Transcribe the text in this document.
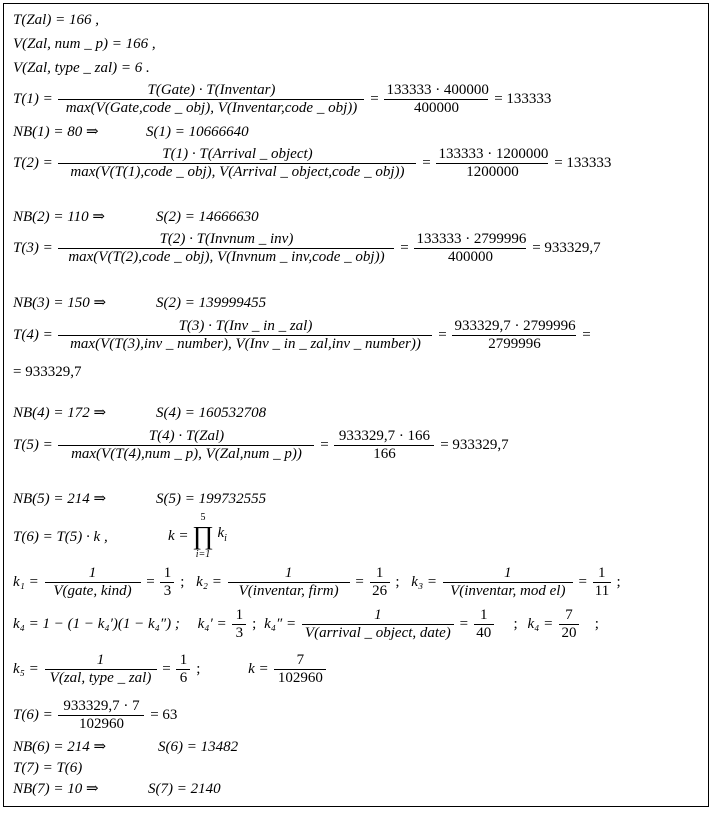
T(Zal) = 166 ,
V(Zal, num _ p) = 166 ,
V(Zal, type _ zal) = 6 .
$T(1) = \frac{\text{T(Gate) · T(Inventar)}}{\text{max(V(Gate,code \_ obj), V(Inventar,code \_ obj))}} = \frac{133333 \cdot 400000}{400000} = 133333$
NB(1) = 80 ⇒	S(1) = 10666640
$T(2) = \frac{\text{T(1) · T(Arrival \_ object)}}{\text{max(V(T(1),code \_ obj), V(Arrival \_ object,code \_ obj))}} = \frac{133333 \cdot 1200000}{1200000} = 133333$
NB(2) = 110 ⇒	S(2) = 14666630
$T(3) = \frac{\text{T(2) · T(Invnum \_ inv)}}{\text{max(V(T(2),code \_ obj), V(Invnum \_ inv,code \_ obj))}} = \frac{133333 \cdot 2799996}{400000} = 933329,7$
NB(3) = 150 ⇒	S(2) = 139999455
$T(4) = \frac{\text{T(3) · T(Inv \_ in \_ zal)}}{\text{max(V(T(3),inv \_ number), V(Inv \_ in \_ zal,inv \_ number))}} = \frac{933329,7 \cdot 2799996}{2799996}$ =
= 933329,7
NB(4) = 172 ⇒	S(4) = 160532708
$T(5) = \frac{\text{T(4) · T(Zal)}}{\text{max(V(T(4),num \_ p), V(Zal,num \_ p))}} = \frac{933329,7 \cdot 166}{166} = 933329,7$
NB(5) = 214 ⇒	S(5) = 199732555
T(6) = T(5) · k ,	k =
5
∏
i=1
$k_i$
$k_1 = \frac{1}{\text{V(gate, kind)}} = \frac{1}{3}$ ; $k_2 = \frac{1}{\text{V(inventar, firm)}} = \frac{1}{26}$ ; $k_3 = \frac{1}{\text{V(inventar, mod el)}} = \frac{1}{11}$ ;
k₄ = 1 − (1 − k₄′)(1 − k₄″) ; $k_4' = \frac{1}{3}$ ; $k_4'' = \frac{1}{\text{V(arrival \_ object, date)}} = \frac{1}{40}$ ; $k_4 = \frac{7}{20}$ ;
$k_5 = \frac{1}{\text{V(zal, type \_ zal)}} = \frac{1}{6}$ ;	$k = \frac{7}{102960}$
$T(6) = \frac{933329,7 \cdot 7}{102960} = 63$
NB(6) = 214 ⇒	S(6) = 13482
T(7) = T(6)
NB(7) = 10 ⇒	S(7) = 2140
